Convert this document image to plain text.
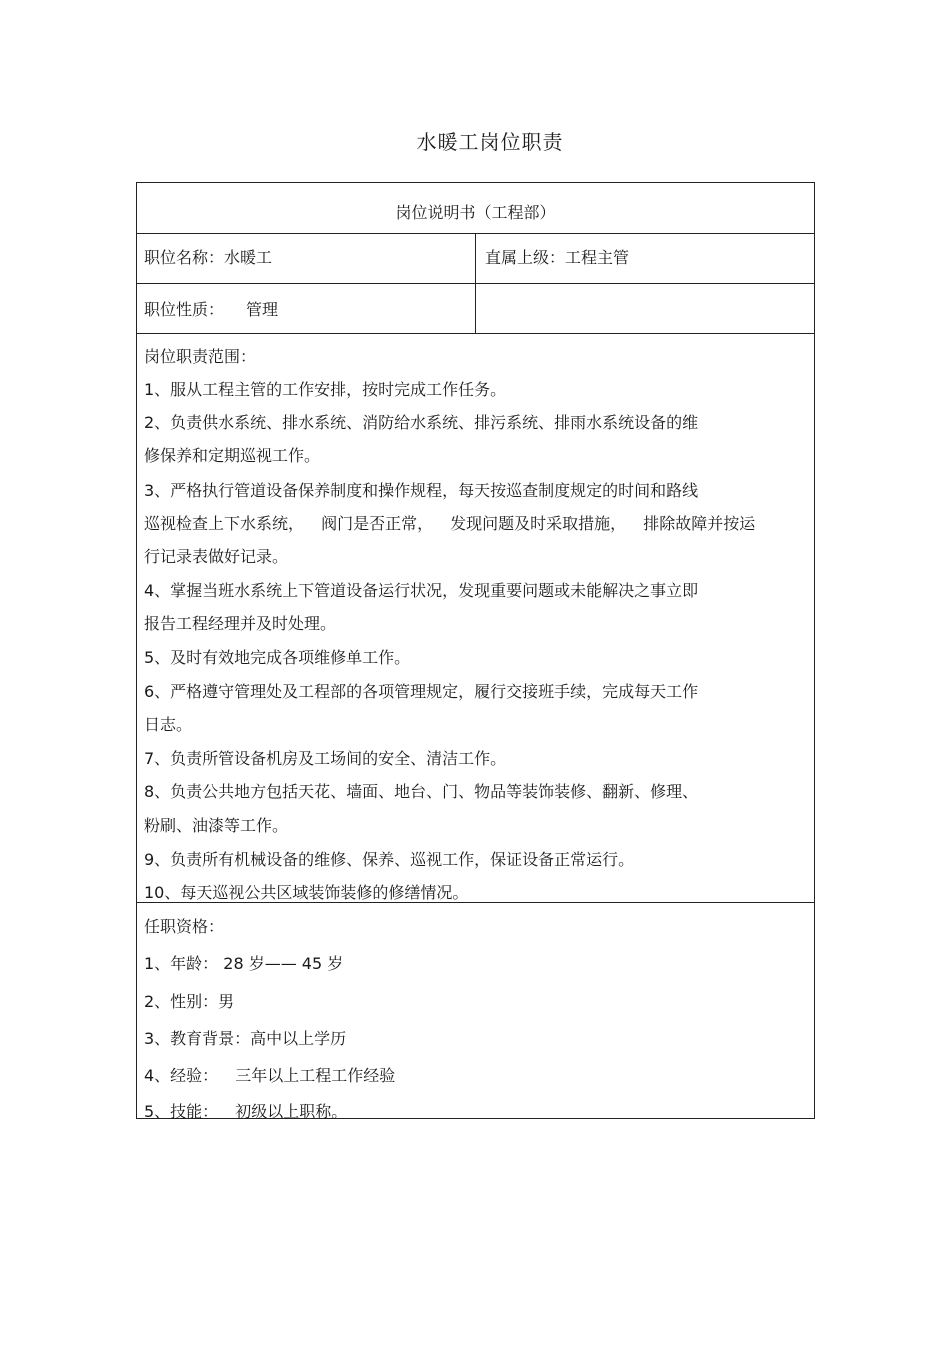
水暖工岗位职责
岗位说明书（工程部）
职位名称：水暖工	直属上级：工程主管
职位性质： 管理
岗位职责范围：
1、服从工程主管的工作安排，按时完成工作任务。
2、负责供水系统、排水系统、消防给水系统、排污系统、排雨水系统设备的维
修保养和定期巡视工作。
3、严格执行管道设备保养制度和操作规程，每天按巡查制度规定的时间和路线
巡视检查上下水系统， 阀门是否正常， 发现问题及时采取措施， 排除故障并按运
行记录表做好记录。
4、掌握当班水系统上下管道设备运行状况，发现重要问题或未能解决之事立即
报告工程经理并及时处理。
5、及时有效地完成各项维修单工作。
6、严格遵守管理处及工程部的各项管理规定，履行交接班手续，完成每天工作
日志。
7、负责所管设备机房及工场间的安全、清洁工作。
8、负责公共地方包括天花、墙面、地台、门、物品等装饰装修、翻新、修理、
粉刷、油漆等工作。
9、负责所有机械设备的维修、保养、巡视工作，保证设备正常运行。
10、每天巡视公共区域装饰装修的修缮情况。
任职资格：
1、年龄： 28 岁—— 45 岁
2、性别：男
3、教育背景：高中以上学历
4、经验： 三年以上工程工作经验
5、技能： 初级以上职称。
